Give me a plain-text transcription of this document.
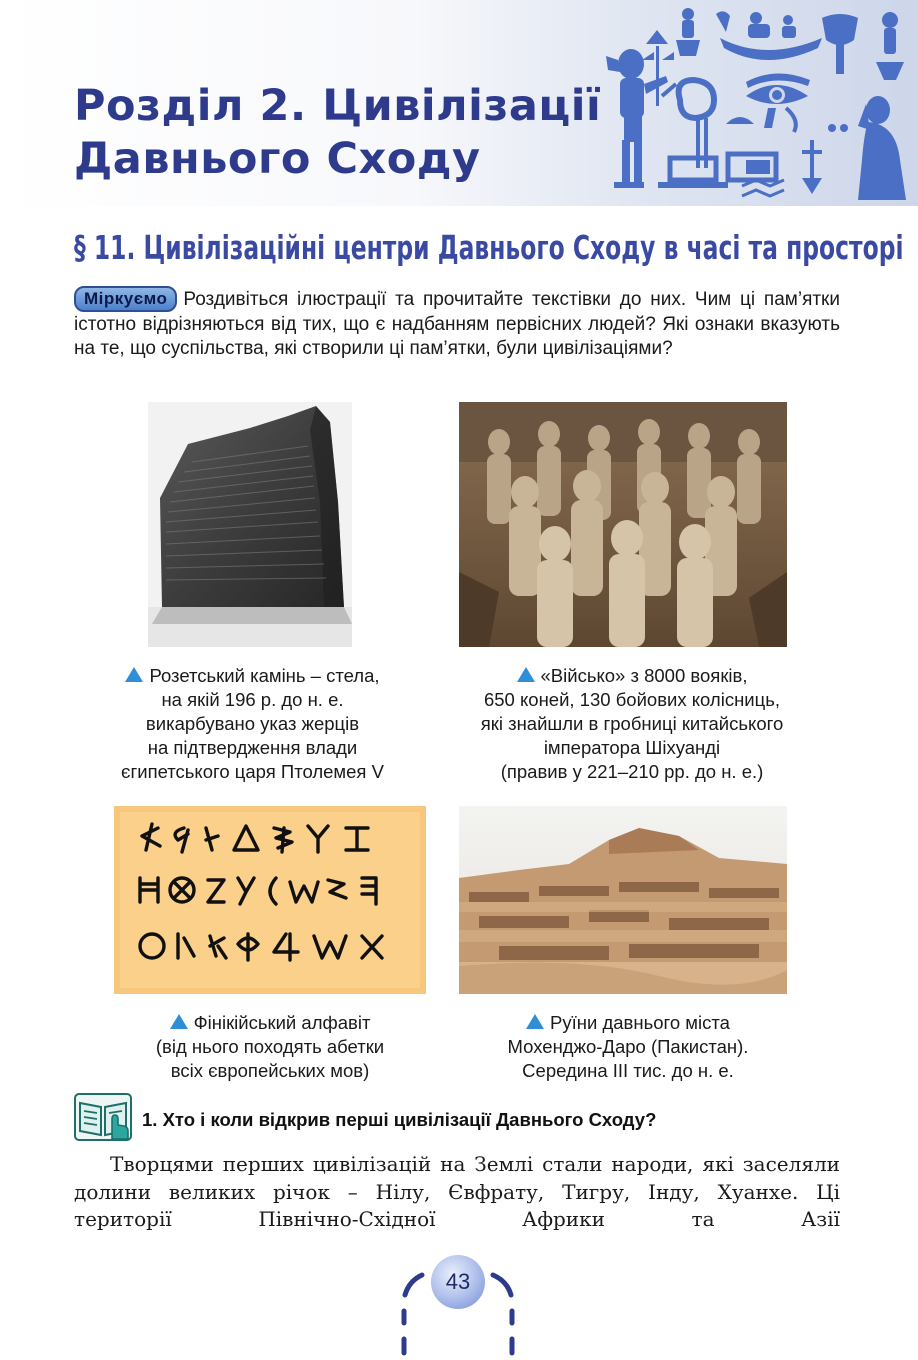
Розділ 2. Цивілізації
Давнього Сходу
§ 11. Цивілізаційні центри Давнього Сходу в часі та просторі
Міркуємо Роздивіться ілюстрації та прочитайте текстівки до них. Чим ці пам’ятки істотно відрізняються від тих, що є надбанням первісних людей? Які ознаки вказують на те, що суспільства, які створили ці пам’ятки, були цивілізаціями?
Розетський камінь – стела,
на якій 196 р. до н. е.
викарбувано указ жерців
на підтвердження влади
єгипетського царя Птолемея V
«Військо» з 8000 вояків,
650 коней, 130 бойових колісниць,
які знайшли в гробниці китайського
імператора Шіхуанді
(правив у 221–210 рр. до н. е.)
Фінікійський алфавіт
(від нього походять абетки
всіх європейських мов)
Руїни давнього міста
Мохенджо-Даро (Пакистан).
Середина ІІІ тис. до н. е.

1. Хто і коли відкрив перші цивілізації Давнього Сходу?

Творцями перших цивілізацій на Землі стали народи, які заселяли долини великих річок – Нілу, Євфрату, Тигру, Інду, Хуанхе. Ці території Північно-Східної Африки та Азії

43
